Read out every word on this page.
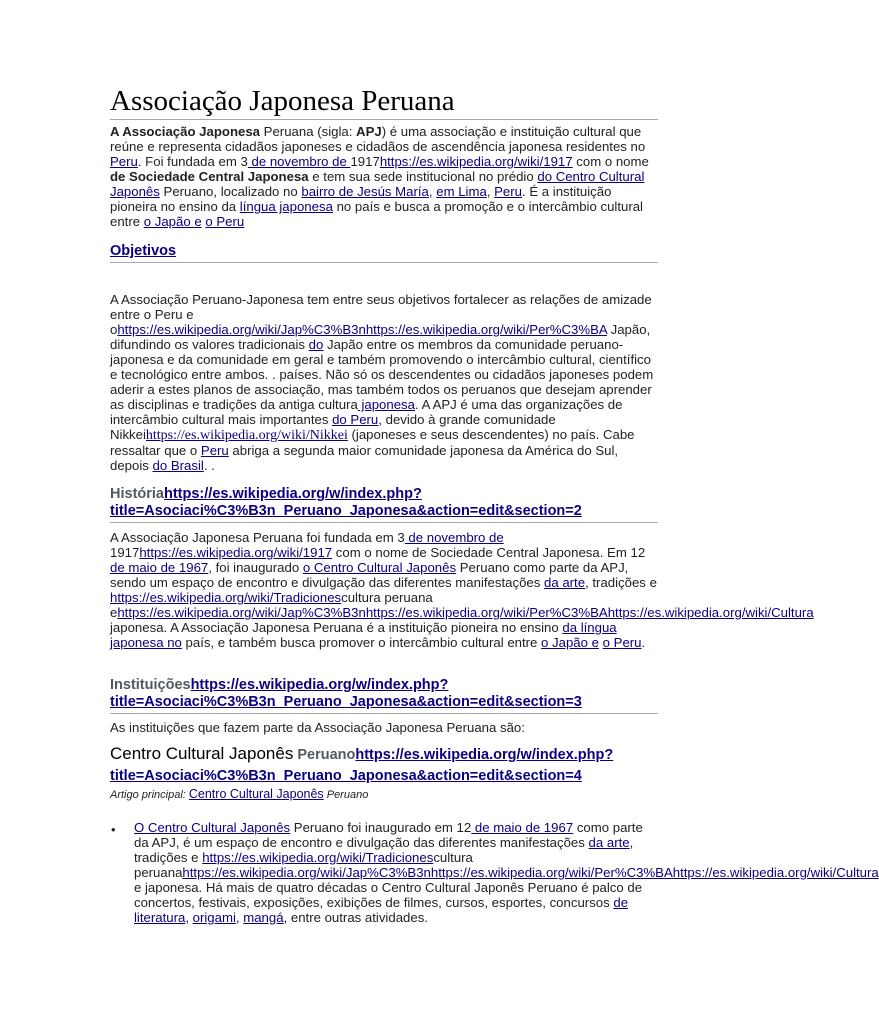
Associação Japonesa Peruana
A Associação Japonesa Peruana (sigla: APJ) é uma associação e instituição cultural que reúne e representa cidadãos japoneses e cidadãos de ascendência japonesa residentes no Peru. Foi fundada em 3 de novembro de 1917https://es.wikipedia.org/wiki/1917 com o nome de Sociedade Central Japonesa e tem sua sede institucional no prédio do Centro Cultural Japonês Peruano, localizado no bairro de Jesús María, em Lima, Peru. É a instituição pioneira no ensino da língua japonesa no país e busca a promoção e o intercâmbio cultural entre o Japão e o Peru
Objetivos
A Associação Peruano-Japonesa tem entre seus objetivos fortalecer as relações de amizade entre o Peru e ohttps://es.wikipedia.org/wiki/Jap%C3%B3nhttps://es.wikipedia.org/wiki/Per%C3%BA Japão, difundindo os valores tradicionais do Japão entre os membros da comunidade peruano-japonesa e da comunidade em geral e também promovendo o intercâmbio cultural, científico e tecnológico entre ambos. . países. Não só os descendentes ou cidadãos japoneses podem aderir a estes planos de associação, mas também todos os peruanos que desejam aprender as disciplinas e tradições da antiga cultura japonesa. A APJ é uma das organizações de intercâmbio cultural mais importantes do Peru, devido à grande comunidade Nikkeihttps://es.wikipedia.org/wiki/Nikkei (japoneses e seus descendentes) no país. Cabe ressaltar que o Peru abriga a segunda maior comunidade japonesa da América do Sul, depois do Brasil. .
Históriahttps://es.wikipedia.org/w/index.php?title=Asociaci%C3%B3n_Peruano_Japonesa&action=edit&section=2
A Associação Japonesa Peruana foi fundada em 3 de novembro de 1917https://es.wikipedia.org/wiki/1917 com o nome de Sociedade Central Japonesa. Em 12 de maio de 1967, foi inaugurado o Centro Cultural Japonês Peruano como parte da APJ, sendo um espaço de encontro e divulgação das diferentes manifestações da arte, tradições e https://es.wikipedia.org/wiki/Tradicionescultura peruana ehttps://es.wikipedia.org/wiki/Jap%C3%B3nhttps://es.wikipedia.org/wiki/Per%C3%BAhttps://es.wikipedia.org/wiki/Cultura japonesa. A Associação Japonesa Peruana é a instituição pioneira no ensino da língua japonesa no país, e também busca promover o intercâmbio cultural entre o Japão e o Peru.
Instituiçõeshttps://es.wikipedia.org/w/index.php?title=Asociaci%C3%B3n_Peruano_Japonesa&action=edit&section=3
As instituições que fazem parte da Associação Japonesa Peruana são:
Centro Cultural Japonês Peruanohttps://es.wikipedia.org/w/index.php?title=Asociaci%C3%B3n_Peruano_Japonesa&action=edit&section=4
Artigo principal: Centro Cultural Japonês Peruano
• O Centro Cultural Japonês Peruano foi inaugurado em 12 de maio de 1967 como parte da APJ, é um espaço de encontro e divulgação das diferentes manifestações da arte, tradições e https://es.wikipedia.org/wiki/Tradicionescultura peruanahttps://es.wikipedia.org/wiki/Jap%C3%B3nhttps://es.wikipedia.org/wiki/Per%C3%BAhttps://es.wikipedia.org/wiki/Cultura e japonesa. Há mais de quatro décadas o Centro Cultural Japonês Peruano é palco de concertos, festivais, exposições, exibições de filmes, cursos, esportes, concursos de literatura, origami, mangá, entre outras atividades.
